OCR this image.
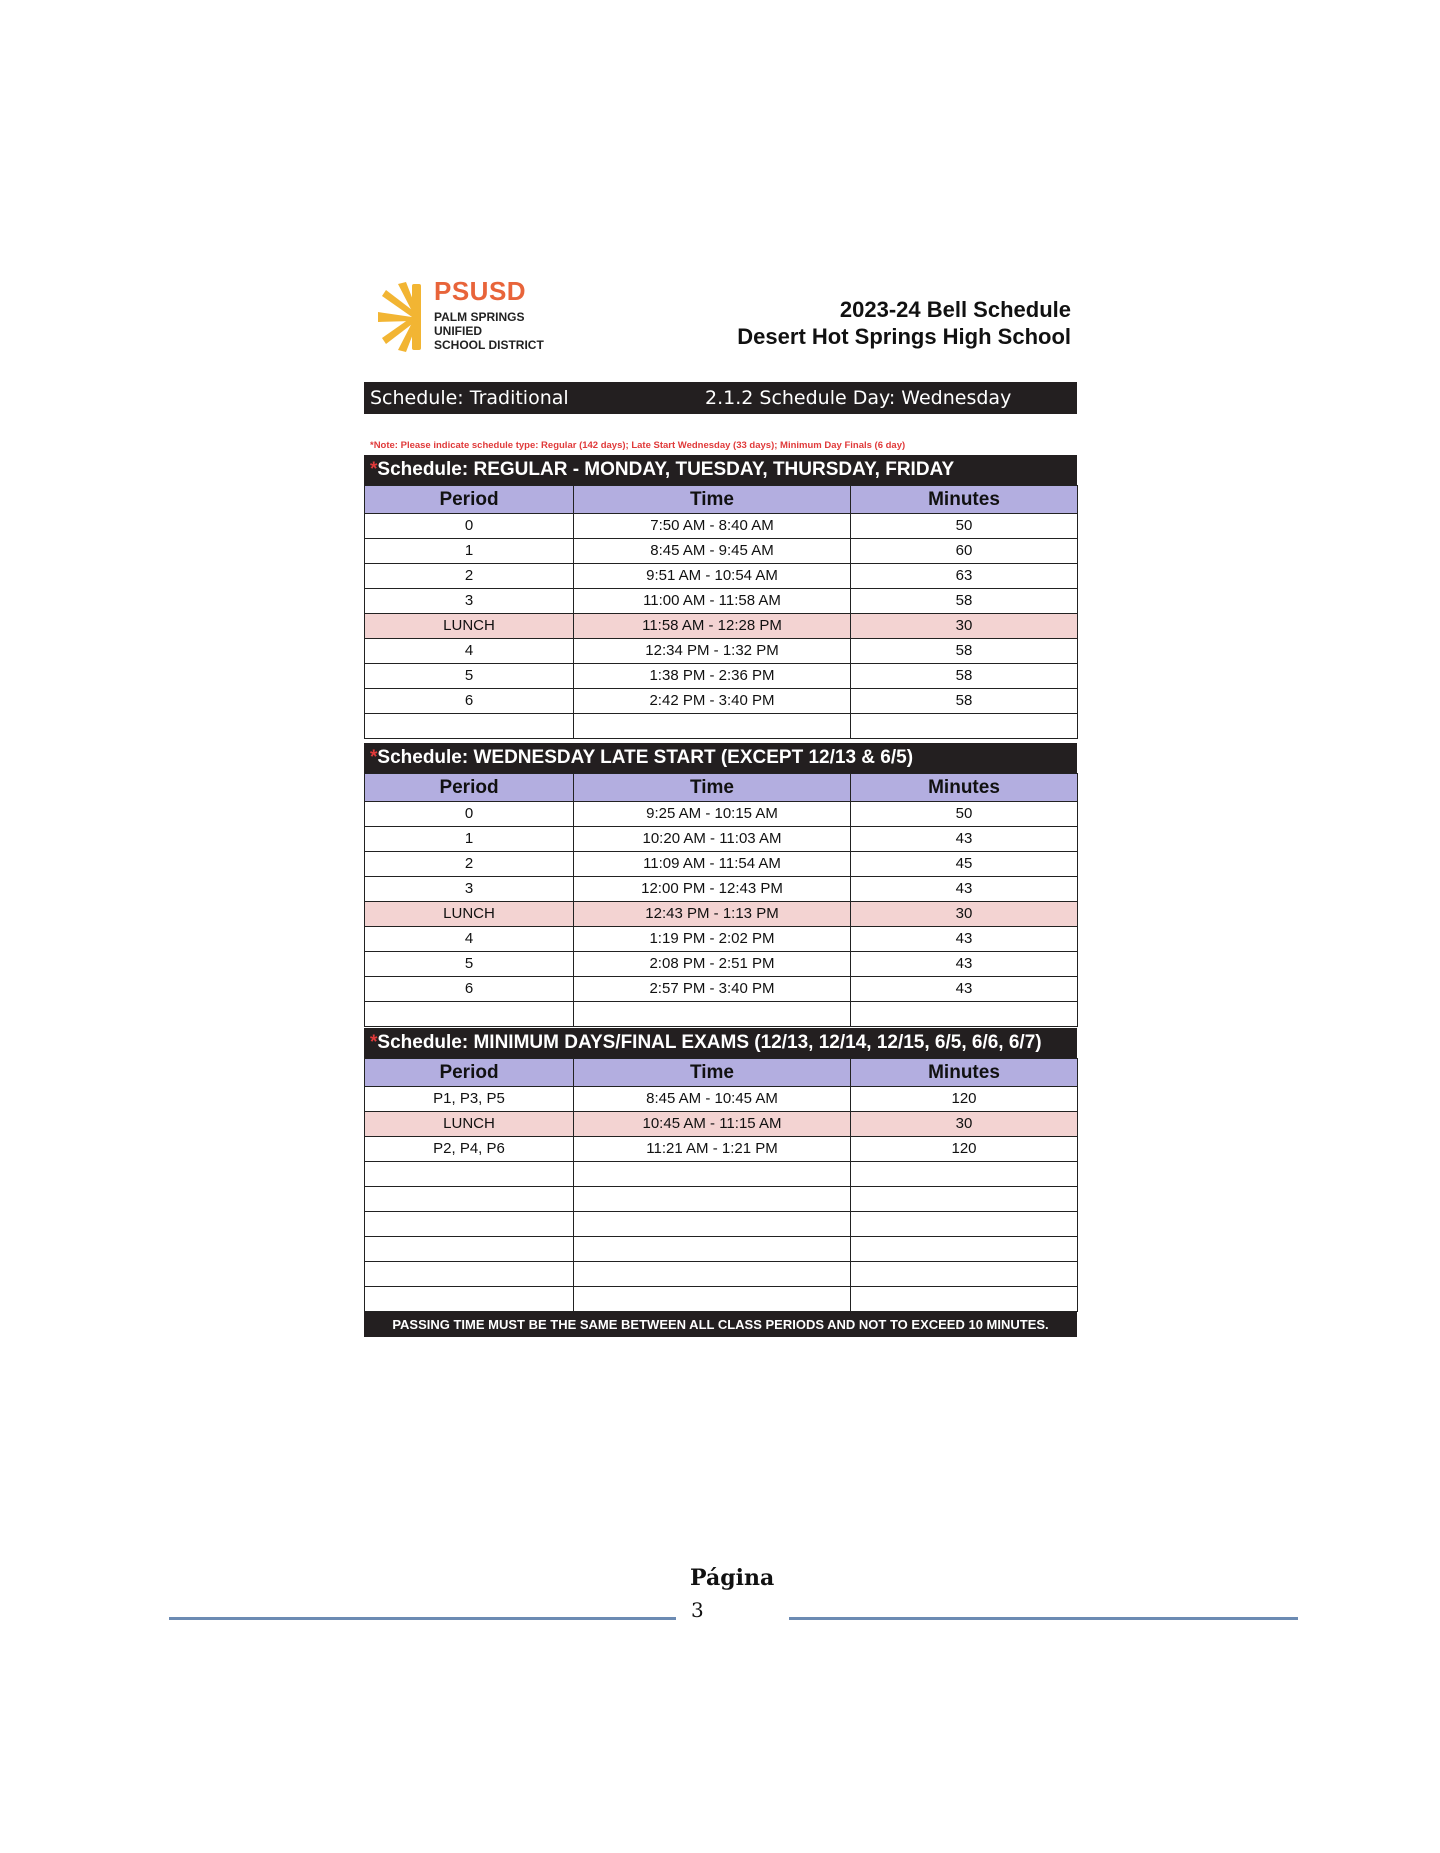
PSUSD
PALM SPRINGS
UNIFIED
SCHOOL DISTRICT
2023-24 Bell Schedule
Desert Hot Springs High School
Schedule: Traditional	2.1.2 Schedule Day: Wednesday
*Note: Please indicate schedule type: Regular (142 days); Late Start Wednesday (33 days); Minimum Day Finals (6 day)
*Schedule: REGULAR - MONDAY, TUESDAY, THURSDAY, FRIDAY
Period	Time	Minutes
0	7:50 AM - 8:40 AM	50
1	8:45 AM - 9:45 AM	60
2	9:51 AM - 10:54 AM	63
3	11:00 AM - 11:58 AM	58
LUNCH	11:58 AM - 12:28 PM	30
4	12:34 PM - 1:32 PM	58
5	1:38 PM - 2:36 PM	58
6	2:42 PM - 3:40 PM	58

*Schedule: WEDNESDAY LATE START (EXCEPT 12/13 & 6/5)
Period	Time	Minutes
0	9:25 AM - 10:15 AM	50
1	10:20 AM - 11:03 AM	43
2	11:09 AM - 11:54 AM	45
3	12:00 PM - 12:43 PM	43
LUNCH	12:43 PM - 1:13 PM	30
4	1:19 PM - 2:02 PM	43
5	2:08 PM - 2:51 PM	43
6	2:57 PM - 3:40 PM	43

*Schedule: MINIMUM DAYS/FINAL EXAMS (12/13, 12/14, 12/15, 6/5, 6/6, 6/7)
Period	Time	Minutes
P1, P3, P5	8:45 AM - 10:45 AM	120
LUNCH	10:45 AM - 11:15 AM	30
P2, P4, P6	11:21 AM - 1:21 PM	120

PASSING TIME MUST BE THE SAME BETWEEN ALL CLASS PERIODS AND NOT TO EXCEED 10 MINUTES.
Página
3
